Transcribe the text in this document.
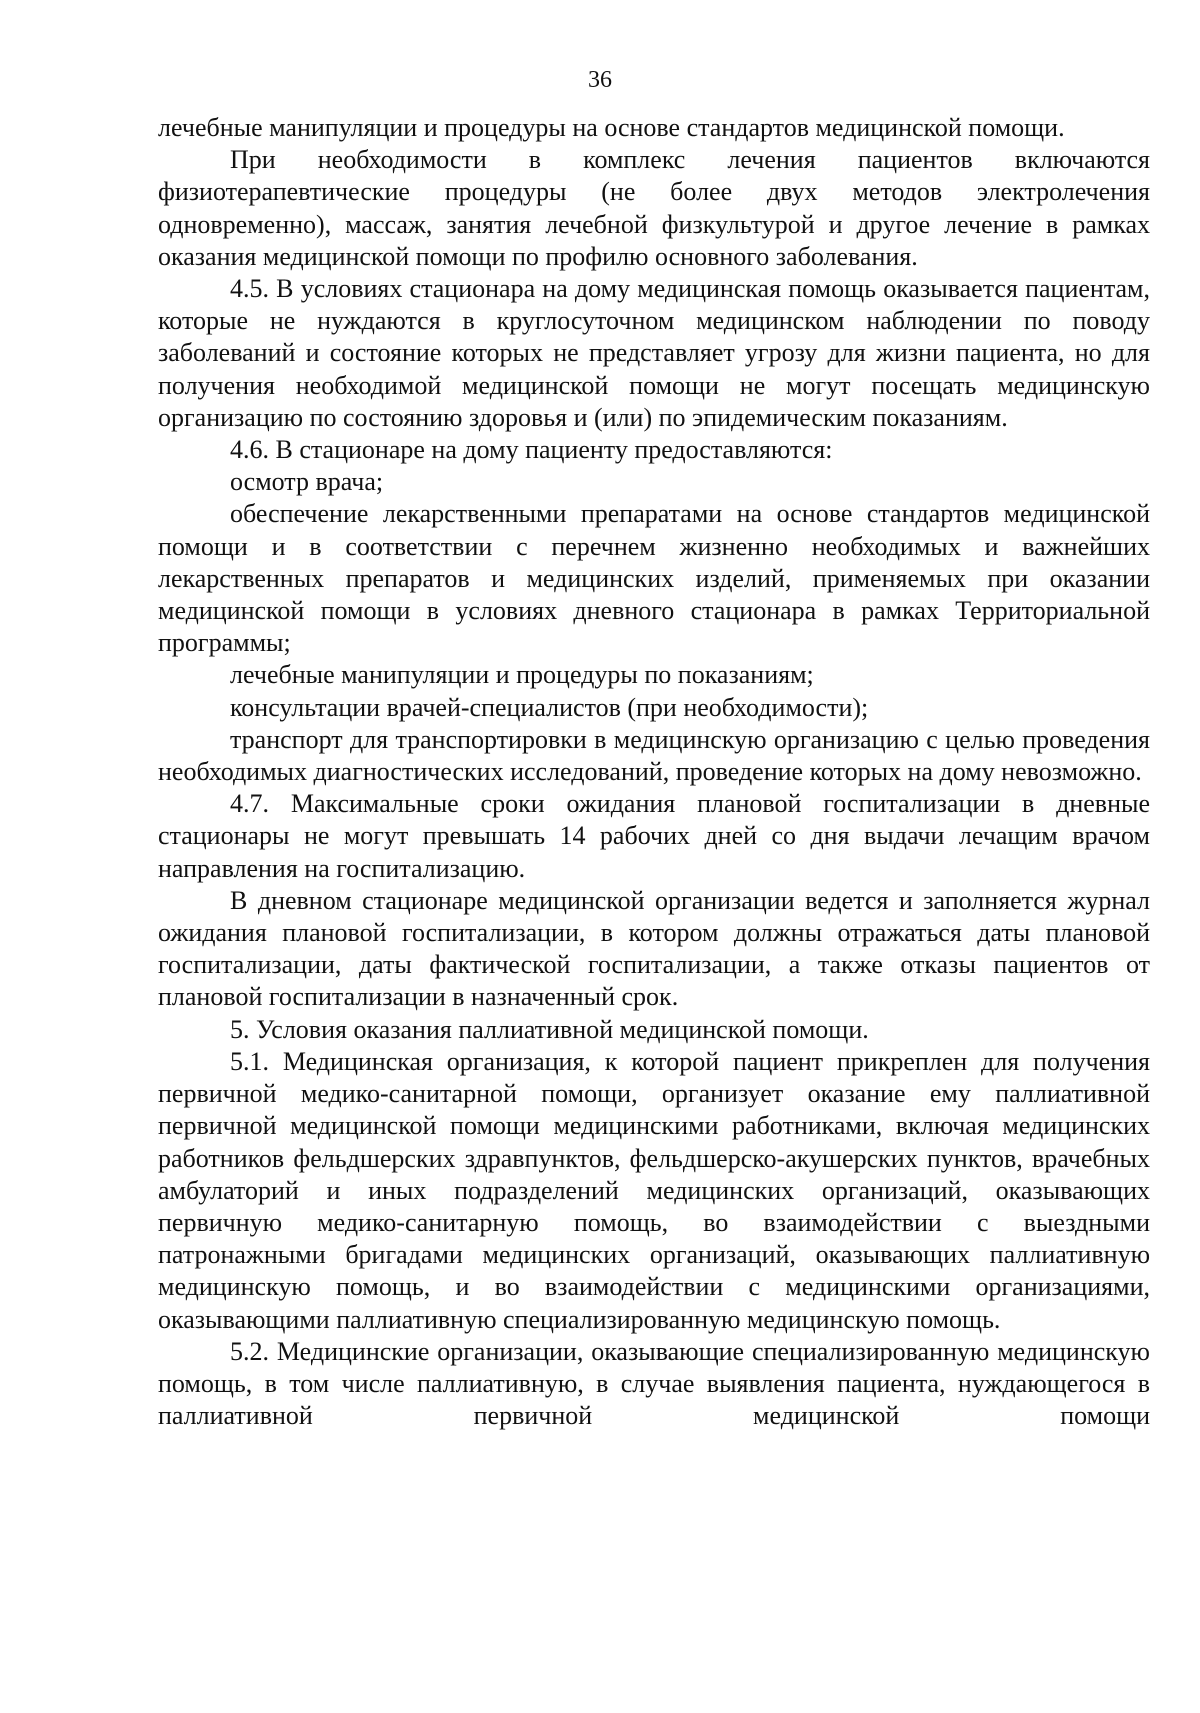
36

лечебные манипуляции и процедуры на основе стандартов медицинской помощи.

При необходимости в комплекс лечения пациентов включаются физиотерапевтические процедуры (не более двух методов электролечения одновременно), массаж, занятия лечебной физкультурой и другое лечение в рамках оказания медицинской помощи по профилю основного заболевания.

4.5. В условиях стационара на дому медицинская помощь оказывается пациентам, которые не нуждаются в круглосуточном медицинском наблюдении по поводу заболеваний и состояние которых не представляет угрозу для жизни пациента, но для получения необходимой медицинской помощи не могут посещать медицинскую организацию по состоянию здоровья и (или) по эпидемическим показаниям.

4.6. В стационаре на дому пациенту предоставляются:

осмотр врача;

обеспечение лекарственными препаратами на основе стандартов медицинской помощи и в соответствии с перечнем жизненно необходимых и важнейших лекарственных препаратов и медицинских изделий, применяемых при оказании медицинской помощи в условиях дневного стационара в рамках Территориальной программы;

лечебные манипуляции и процедуры по показаниям;

консультации врачей-специалистов (при необходимости);

транспорт для транспортировки в медицинскую организацию с целью проведения необходимых диагностических исследований, проведение которых на дому невозможно.

4.7. Максимальные сроки ожидания плановой госпитализации в дневные стационары не могут превышать 14 рабочих дней со дня выдачи лечащим врачом направления на госпитализацию.

В дневном стационаре медицинской организации ведется и заполняется журнал ожидания плановой госпитализации, в котором должны отражаться даты плановой госпитализации, даты фактической госпитализации, а также отказы пациентов от плановой госпитализации в назначенный срок.

5. Условия оказания паллиативной медицинской помощи.

5.1. Медицинская организация, к которой пациент прикреплен для получения первичной медико-санитарной помощи, организует оказание ему паллиативной первичной медицинской помощи медицинскими работниками, включая медицинских работников фельдшерских здравпунктов, фельдшерско-акушерских пунктов, врачебных амбулаторий и иных подразделений медицинских организаций, оказывающих первичную медико-санитарную помощь, во взаимодействии с выездными патронажными бригадами медицинских организаций, оказывающих паллиативную медицинскую помощь, и во взаимодействии с медицинскими организациями, оказывающими паллиативную специализированную медицинскую помощь.

5.2. Медицинские организации, оказывающие специализированную медицинскую помощь, в том числе паллиативную, в случае выявления пациента, нуждающегося в паллиативной первичной медицинской помощи
